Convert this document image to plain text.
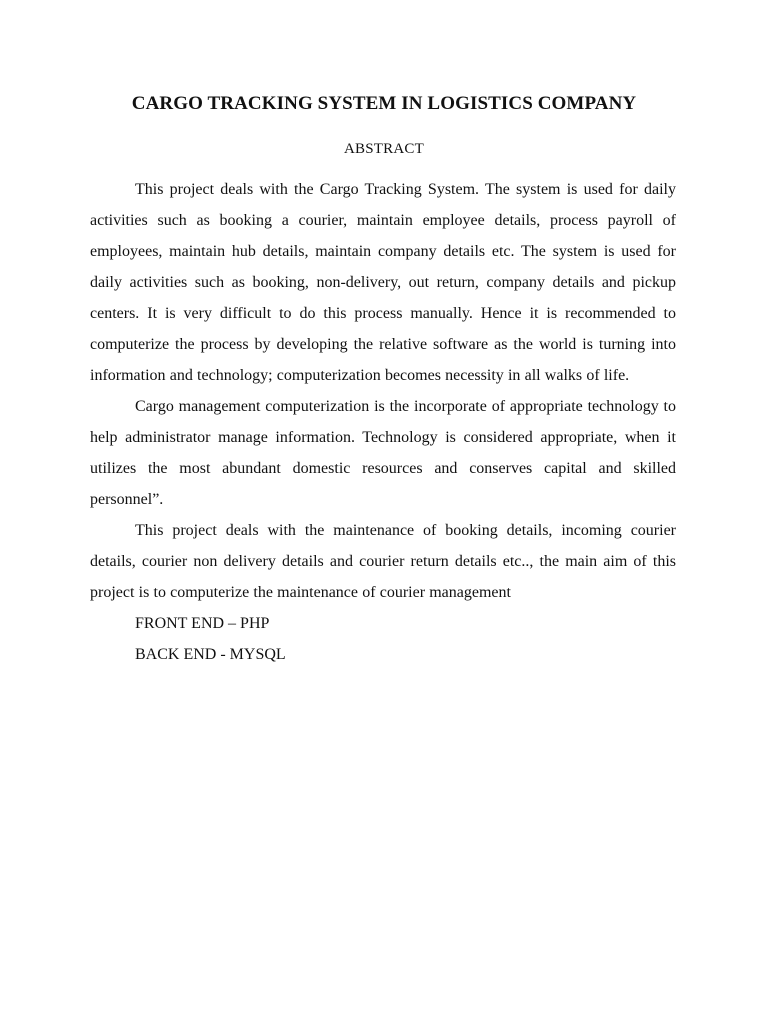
CARGO TRACKING SYSTEM IN LOGISTICS COMPANY
ABSTRACT

This project deals with the Cargo Tracking System. The system is used for daily activities such as booking a courier, maintain employee details, process payroll of employees, maintain hub details, maintain company details etc. The system is used for daily activities such as booking, non-delivery, out return, company details and pickup centers. It is very difficult to do this process manually. Hence it is recommended to computerize the process by developing the relative software as the world is turning into information and technology; computerization becomes necessity in all walks of life.

Cargo management computerization is the incorporate of appropriate technology to help administrator manage information. Technology is considered appropriate, when it utilizes the most abundant domestic resources and conserves capital and skilled personnel”.

This project deals with the maintenance of booking details, incoming courier details, courier non delivery details and courier return details etc.., the main aim of this project is to computerize the maintenance of courier management

FRONT END – PHP

BACK END - MYSQL
